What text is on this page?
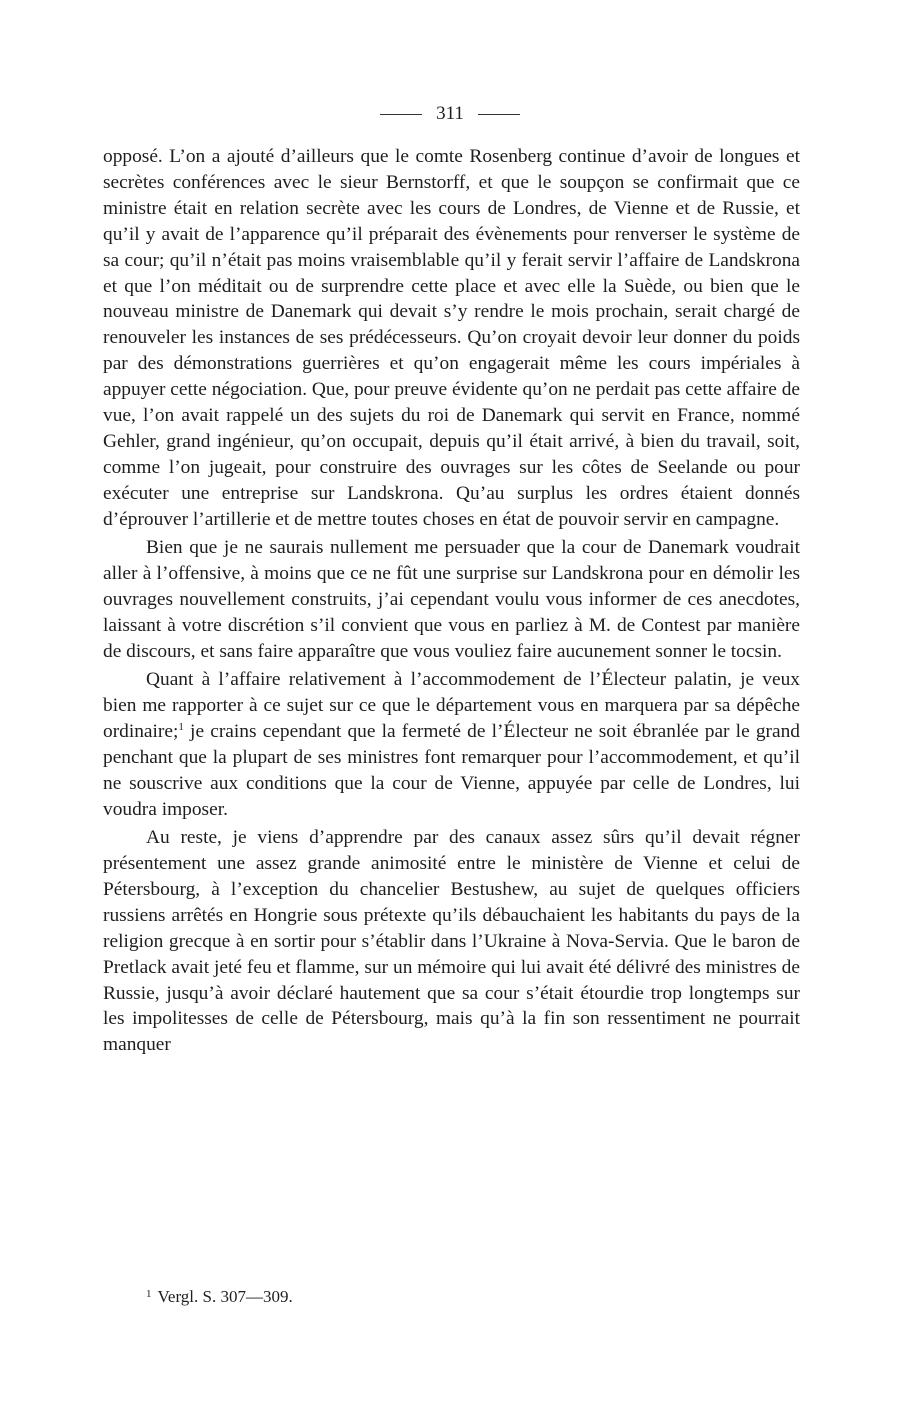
311

opposé. L’on a ajouté d’ailleurs que le comte Rosenberg continue d’avoir de longues et secrètes conférences avec le sieur Bernstorff, et que le soupçon se confirmait que ce ministre était en relation secrète avec les cours de Londres, de Vienne et de Russie, et qu’il y avait de l’apparence qu’il préparait des évènements pour renverser le système de sa cour; qu’il n’était pas moins vraisemblable qu’il y ferait servir l’affaire de Landskrona et que l’on méditait ou de surprendre cette place et avec elle la Suède, ou bien que le nouveau ministre de Danemark qui devait s’y rendre le mois prochain, serait chargé de renouveler les instances de ses prédécesseurs. Qu’on croyait devoir leur donner du poids par des démonstrations guerrières et qu’on engagerait même les cours impériales à appuyer cette négociation. Que, pour preuve évidente qu’on ne perdait pas cette affaire de vue, l’on avait rappelé un des sujets du roi de Danemark qui servit en France, nommé Gehler, grand ingénieur, qu’on occupait, depuis qu’il était arrivé, à bien du travail, soit, comme l’on jugeait, pour construire des ouvrages sur les côtes de Seelande ou pour exécuter une entreprise sur Landskrona. Qu’au surplus les ordres étaient donnés d’éprouver l’artillerie et de mettre toutes choses en état de pouvoir servir en campagne.

Bien que je ne saurais nullement me persuader que la cour de Danemark voudrait aller à l’offensive, à moins que ce ne fût une surprise sur Landskrona pour en démolir les ouvrages nouvellement construits, j’ai cependant voulu vous informer de ces anecdotes, laissant à votre discrétion s’il convient que vous en parliez à M. de Contest par manière de discours, et sans faire apparaître que vous vouliez faire aucunement sonner le tocsin.

Quant à l’affaire relativement à l’accommodement de l’Électeur palatin, je veux bien me rapporter à ce sujet sur ce que le département vous en marquera par sa dépêche ordinaire;$^1$ je crains cependant que la fermeté de l’Électeur ne soit ébranlée par le grand penchant que la plupart de ses ministres font remarquer pour l’accommodement, et qu’il ne souscrive aux conditions que la cour de Vienne, appuyée par celle de Londres, lui voudra imposer.

Au reste, je viens d’apprendre par des canaux assez sûrs qu’il devait régner présentement une assez grande animosité entre le ministère de Vienne et celui de Pétersbourg, à l’exception du chancelier Bestushew, au sujet de quelques officiers russiens arrêtés en Hongrie sous prétexte qu’ils débauchaient les habitants du pays de la religion grecque à en sortir pour s’établir dans l’Ukraine à Nova-Servia. Que le baron de Pretlack avait jeté feu et flamme, sur un mémoire qui lui avait été délivré des ministres de Russie, jusqu’à avoir déclaré hautement que sa cour s’était étourdie trop longtemps sur les impolitesses de celle de Pétersbourg, mais qu’à la fin son ressentiment ne pourrait manquer

$^1$ Vergl. S. 307—309.
